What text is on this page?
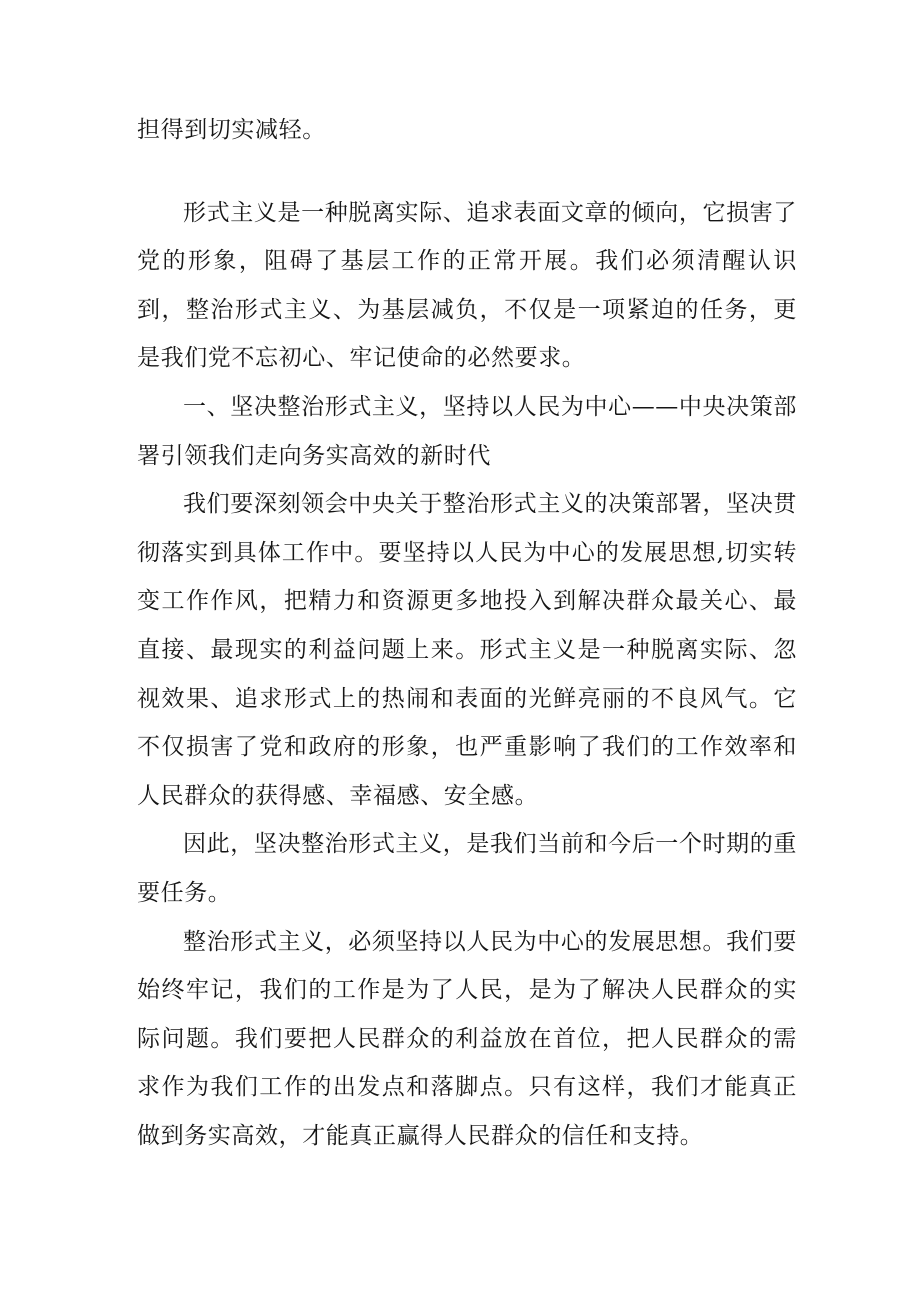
担得到切实减轻。

形式主义是一种脱离实际、追求表面文章的倾向，它损害了党的形象，阻碍了基层工作的正常开展。我们必须清醒认识到，整治形式主义、为基层减负，不仅是一项紧迫的任务，更是我们党不忘初心、牢记使命的必然要求。

一、坚决整治形式主义，坚持以人民为中心——中央决策部署引领我们走向务实高效的新时代

我们要深刻领会中央关于整治形式主义的决策部署，坚决贯彻落实到具体工作中。要坚持以人民为中心的发展思想,切实转变工作作风，把精力和资源更多地投入到解决群众最关心、最直接、最现实的利益问题上来。形式主义是一种脱离实际、忽视效果、追求形式上的热闹和表面的光鲜亮丽的不良风气。它不仅损害了党和政府的形象，也严重影响了我们的工作效率和人民群众的获得感、幸福感、安全感。

因此，坚决整治形式主义，是我们当前和今后一个时期的重要任务。

整治形式主义，必须坚持以人民为中心的发展思想。我们要始终牢记，我们的工作是为了人民，是为了解决人民群众的实际问题。我们要把人民群众的利益放在首位，把人民群众的需求作为我们工作的出发点和落脚点。只有这样，我们才能真正做到务实高效，才能真正赢得人民群众的信任和支持。
